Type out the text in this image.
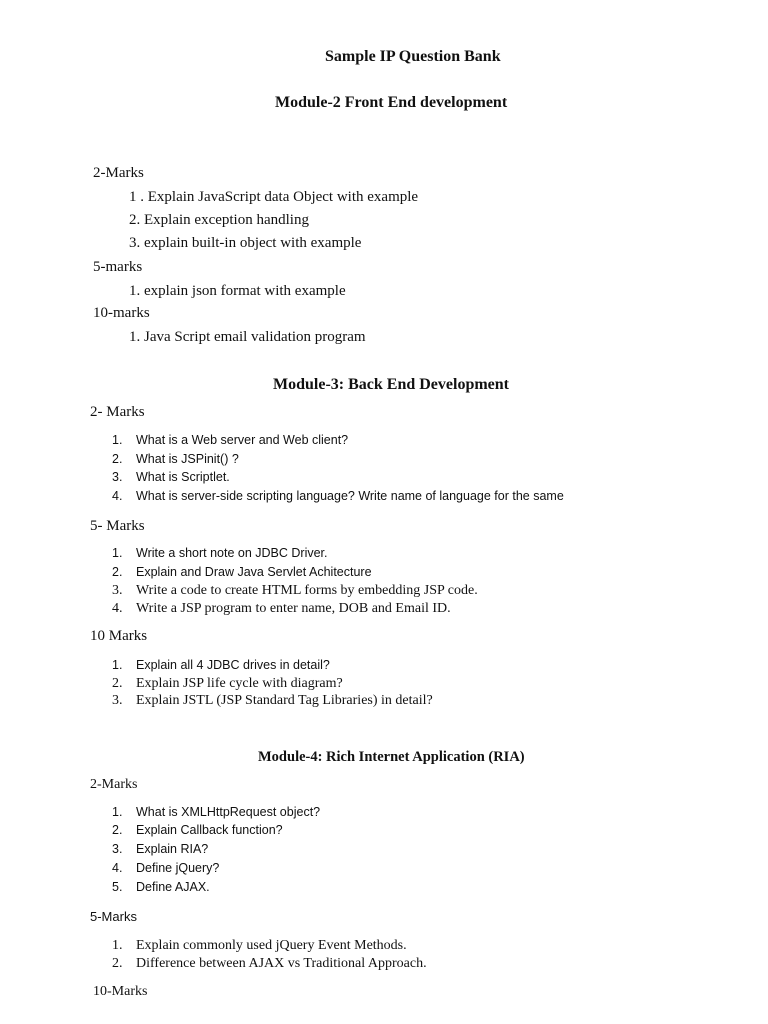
Sample IP Question Bank
Module-2 Front End development
2-Marks
1 . Explain JavaScript data Object with example
2. Explain exception handling
3. explain built-in object with example
5-marks
1. explain json format with example
10-marks
1. Java Script email validation program
Module-3: Back End Development
2- Marks
1. What is a Web server and Web client?
2. What is JSPinit() ?
3. What is Scriptlet.
4. What is server-side scripting language? Write name of language for the same
5- Marks
1. Write a short note on JDBC Driver.
2. Explain and Draw Java Servlet Achitecture
3. Write a code to create HTML forms by embedding JSP code.
4. Write a JSP program to enter name, DOB and Email ID.
10 Marks
1. Explain all 4 JDBC drives in detail?
2. Explain JSP life cycle with diagram?
3. Explain JSTL (JSP Standard Tag Libraries) in detail?
Module-4: Rich Internet Application (RIA)
2-Marks
1. What is XMLHttpRequest object?
2. Explain Callback function?
3. Explain RIA?
4. Define jQuery?
5. Define AJAX.
5-Marks
1. Explain commonly used jQuery Event Methods.
2. Difference between AJAX vs Traditional Approach.
10-Marks
